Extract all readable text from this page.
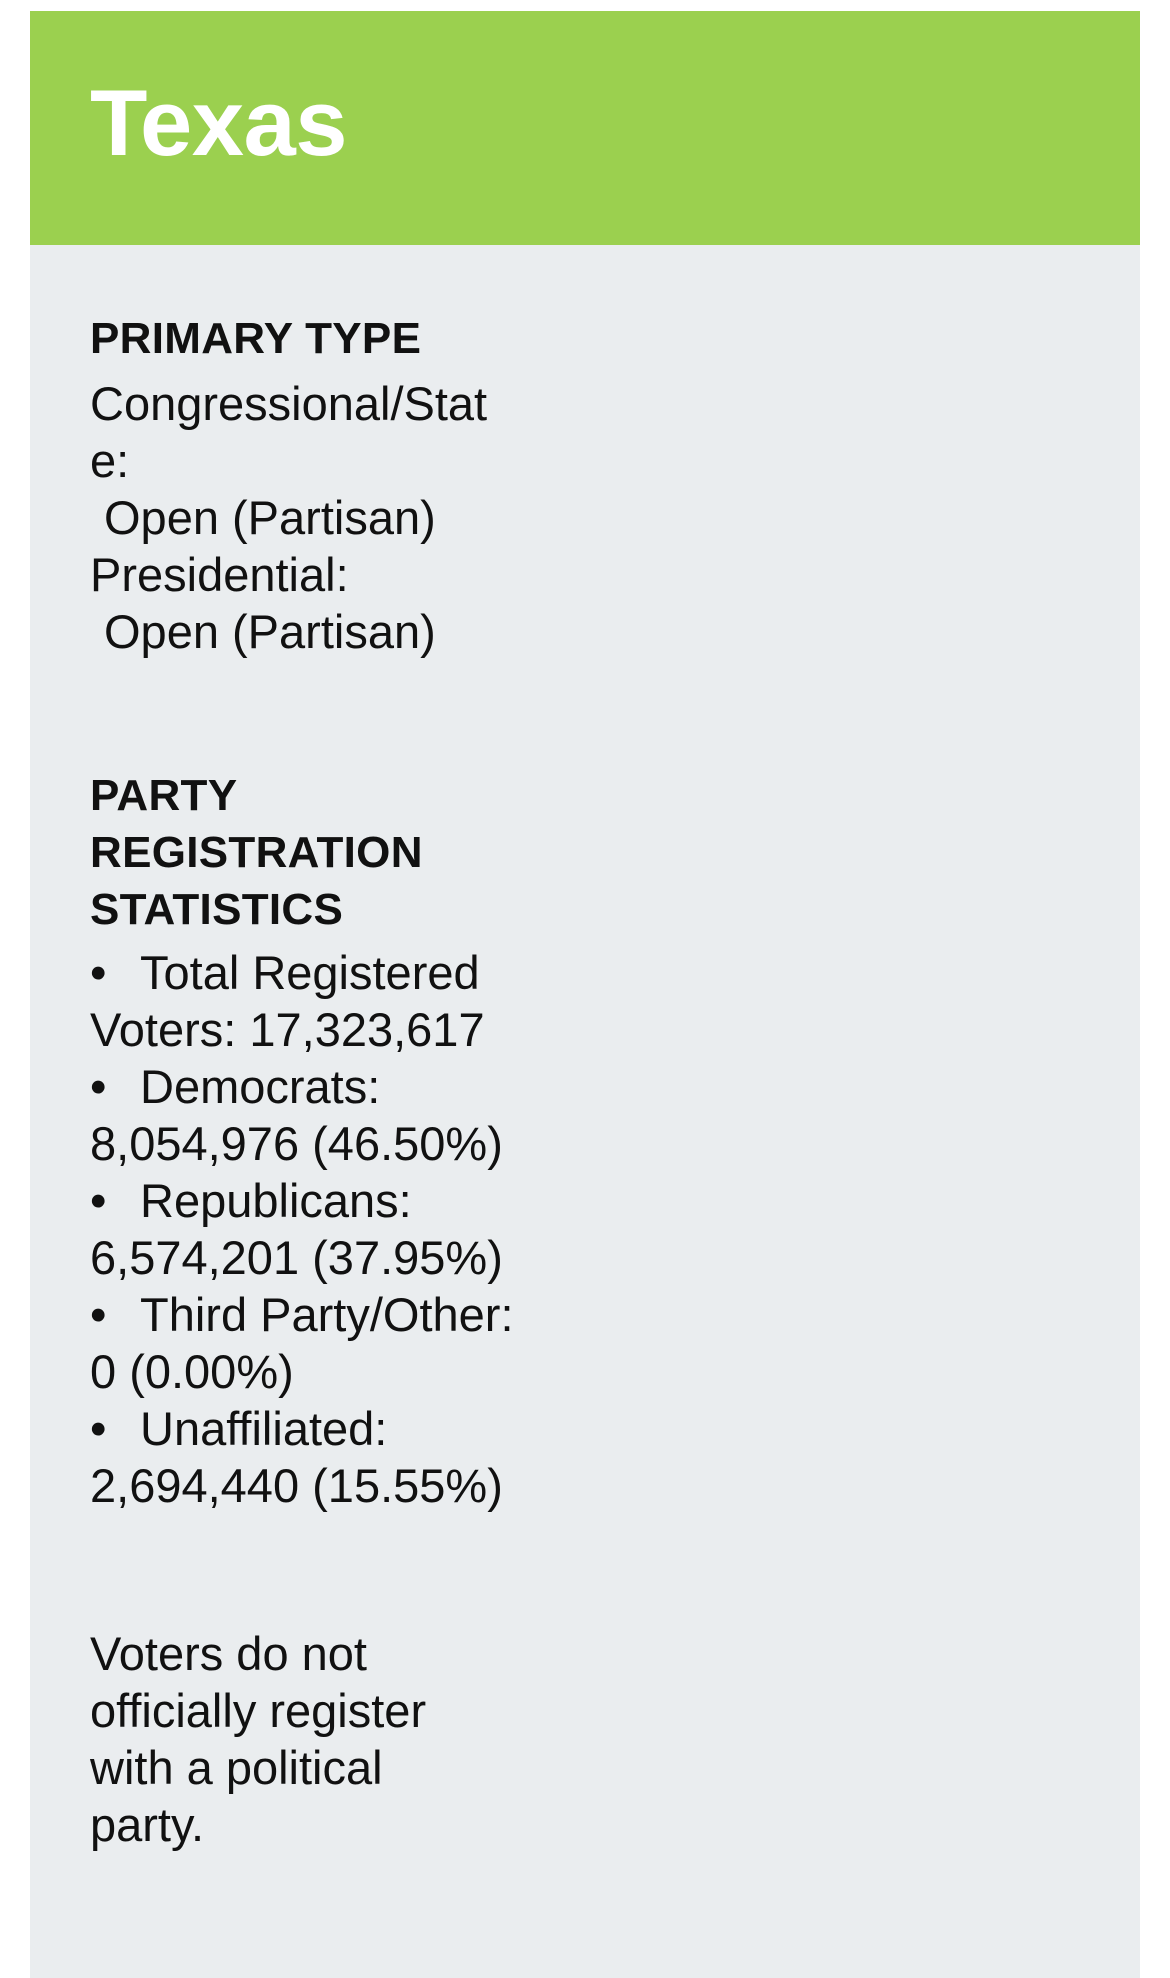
Texas
PRIMARY TYPE
Congressional/Stat
e:
Open (Partisan)
Presidential:
Open (Partisan)
PARTY
REGISTRATION
STATISTICS
• Total Registered
Voters: 17,323,617
• Democrats:
8,054,976 (46.50%)
• Republicans:
6,574,201 (37.95%)
• Third Party/Other:
0 (0.00%)
• Unaffiliated:
2,694,440 (15.55%)
Voters do not
officially register
with a political
party.
